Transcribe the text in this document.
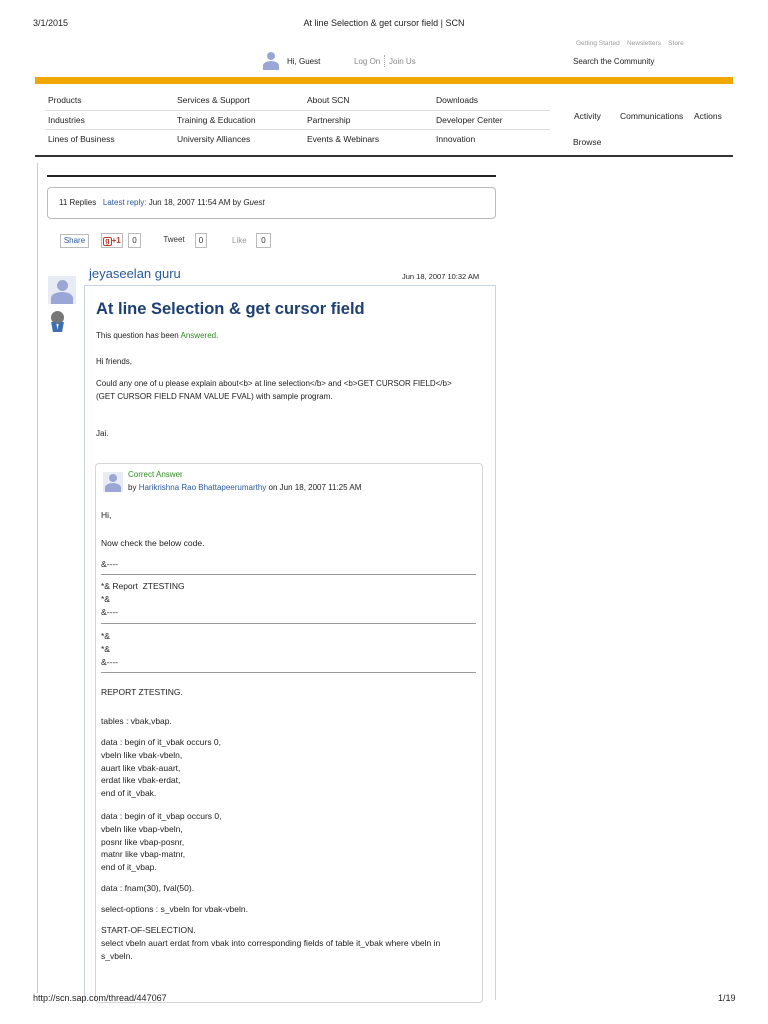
3/1/2015	At line Selection & get cursor field | SCN
Getting Started Newsletters Store
Hi, Guest	Log On Join Us	Search the Community
Products
Industries
Lines of Business
Services & Support
Training & Education
University Alliances
About SCN
Partnership
Events & Webinars
Downloads
Developer Center
Innovation
Activity Communications Actions
Browse
11 Replies Latest reply: Jun 18, 2007 11:54 AM by Guest
Share	g +1	0	Tweet	0	Like	0
jeyaseelan guru	Jun 18, 2007 10:32 AM
At line Selection & get cursor field
This question has been Answered.
Hi friends,
Could any one of u please explain about<b> at line selection</b> and <b>GET CURSOR FIELD</b>
(GET CURSOR FIELD FNAM VALUE FVAL) with sample program.
Jai.
Correct Answer
by Harikrishna Rao Bhattapeerumarthy on Jun 18, 2007 11:25 AM
Hi,
Now check the below code.
&----
*& Report  ZTESTING
*&
&----
*&
*&
&----
REPORT ZTESTING.
tables : vbak,vbap.
data : begin of it_vbak occurs 0,
vbeln like vbak-vbeln,
auart like vbak-auart,
erdat like vbak-erdat,
end of it_vbak.
data : begin of it_vbap occurs 0,
vbeln like vbap-vbeln,
posnr like vbap-posnr,
matnr like vbap-matnr,
end of it_vbap.
data : fnam(30), fval(50).
select-options : s_vbeln for vbak-vbeln.
START-OF-SELECTION.
select vbeln auart erdat from vbak into corresponding fields of table it_vbak where vbeln in
s_vbeln.
http://scn.sap.com/thread/447067	1/19
